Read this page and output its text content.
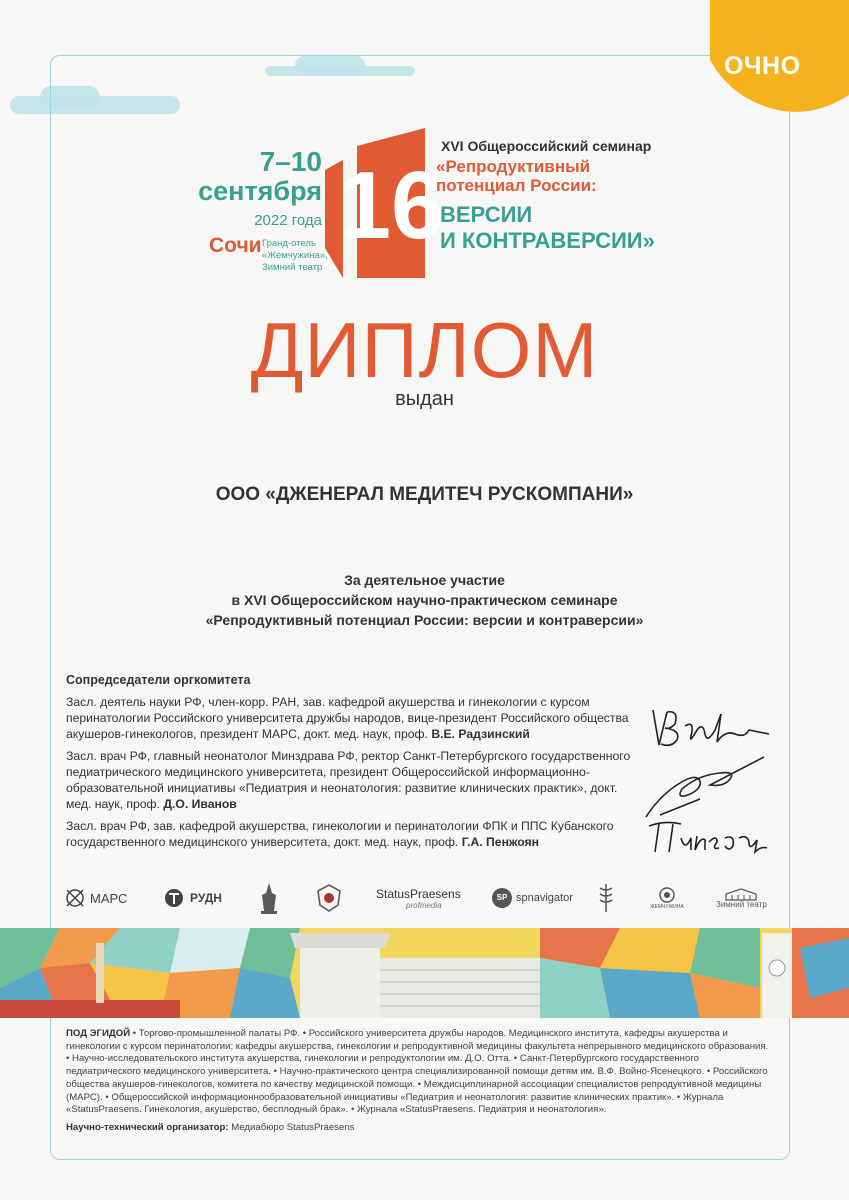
ОЧНО
7–10
сентября
2022 года
Сочи Гранд-отель «Жемчужина»,
Зимний театр
16
XVI Общероссийский семинар
«Репродуктивный
потенциал России:
ВЕРСИИ
И КОНТРАВЕРСИИ»
ДИПЛОМ
выдан
ООО «ДЖЕНЕРАЛ МЕДИТЕЧ РУСКОМПАНИ»
За деятельное участие
в XVI Общероссийском научно-практическом семинаре
«Репродуктивный потенциал России: версии и контраверсии»
Сопредседатели оргкомитета
Засл. деятель науки РФ, член-корр. РАН, зав. кафедрой акушерства и гинекологии с курсом перинатологии Российского университета дружбы народов, вице-президент Российского общества акушеров-гинекологов, президент МАРС, докт. мед. наук, проф. В.Е. Радзинский
Засл. врач РФ, главный неонатолог Минздрава РФ, ректор Санкт-Петербургского государственного педиатрического медицинского университета, президент Общероссийской информационно-образовательной инициативы «Педиатрия и неонатология: развитие клинических практик», докт. мед. наук, проф. Д.О. Иванов
Засл. врач РФ, зав. кафедрой акушерства, гинекологии и перинатологии ФПК и ППС Кубанского государственного медицинского университета, докт. мед. наук, проф. Г.А. Пенжоян
МАРС	РУДН	StatusPraesens
profmedia
SP spnavigator
ЖЕМЧУЖИНА	Зимний театр
ПОД ЭГИДОЙ • Торгово-промышленной палаты РФ. • Российского университета дружбы народов. Медицинского института, кафедры акушерства и гинекологии с курсом перинатологии; кафедры акушерства, гинекологии и репродуктивной медицины факультета непрерывного медицинского образования. • Научно-исследовательского института акушерства, гинекологии и репродуктологии им. Д.О. Отта. • Санкт-Петербургского государственного педиатрического медицинского университета. • Научно-практического центра специализированной помощи детям им. В.Ф. Войно-Ясенецкого. • Российского общества акушеров-гинекологов, комитета по качеству медицинской помощи. • Междисциплинарной ассоциации специалистов репродуктивной медицины (МАРС). • Общероссийской информационнообразовательной инициативы «Педиатрия и неонатология: развитие клинических практик». • Журнала «StatusPraesens. Гинекология, акушерство, бесплодный брак». • Журнала «StatusPraesens. Педиатрия и неонатология».
Научно-технический организатор: Медиабюро StatusPraesens
